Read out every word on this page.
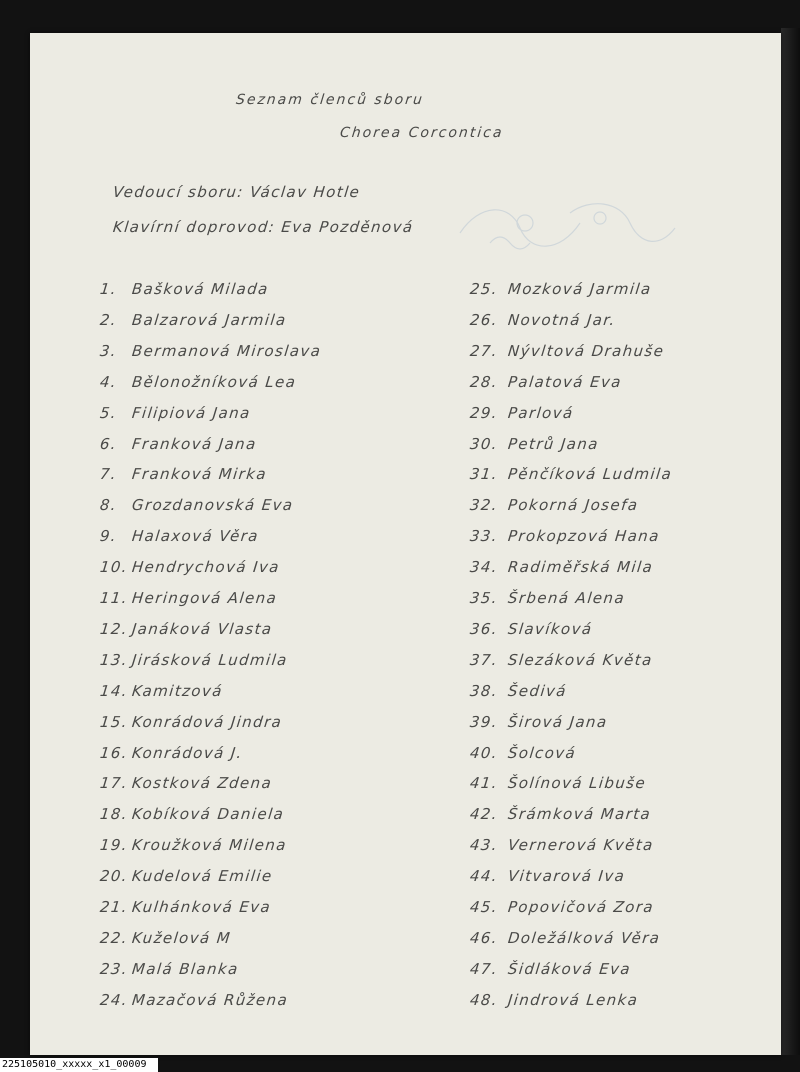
Seznam členců sboru
Chorea Corcontica
Vedoucí sboru: Václav Hotle
Klavírní doprovod: Eva Pozděnová
225105010_xxxxx_x1_00009
1. Bašková Milada
2. Balzarová Jarmila
3. Bermanová Miroslava
4. Bělonožníková Lea
5. Filipiová Jana
6. Franková Jana
7. Franková Mirka
8. Grozdanovská Eva
9. Halaxová Věra
10. Hendrychová Iva
11. Heringová Alena
12. Janáková Vlasta
13. Jirásková Ludmila
14. Kamitzová
15. Konrádová Jindra
16. Konrádová J.
17. Kostková Zdena
18. Kobíková Daniela
19. Kroužková Milena
20. Kudelová Emilie
21. Kulhánková Eva
22. Kuželová M
23. Malá Blanka
24. Mazačová Růžena
25. Mozková Jarmila
26. Novotná Jar.
27. Nývltová Drahuše
28. Palatová Eva
29. Parlová
30. Petrů Jana
31. Pěnčíková Ludmila
32. Pokorná Josefa
33. Prokopzová Hana
34. Radiměřská Mila
35. Šrbená Alena
36. Slavíková
37. Slezáková Květa
38. Šedivá
39. Širová Jana
40. Šolcová
41. Šolínová Libuše
42. Šrámková Marta
43. Vernerová Květa
44. Vitvarová Iva
45. Popovičová Zora
46. Doležálková Věra
47. Šidláková Eva
48. Jindrová Lenka
